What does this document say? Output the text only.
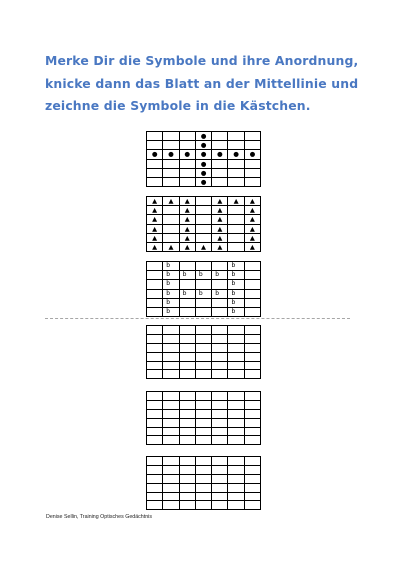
Merke Dir die Symbole und ihre Anordnung,
knicke dann das Blatt an der Mittellinie und
zeichne die Symbole in die Kästchen.
			●			
			●			
●	●	●	●	●	●	●
			●			
			●			
			●			
▲	▲	▲		▲	▲	▲
▲		▲		▲		▲
▲		▲		▲		▲
▲		▲		▲		▲
▲		▲		▲		▲
▲	▲	▲	▲	▲		▲
	b				b	
	b	b	b	b	b	
	b				b	
	b	b	b	b	b	
	b				b	
	b				b	

Denise Sellin, Training Optisches Gedächtnis
